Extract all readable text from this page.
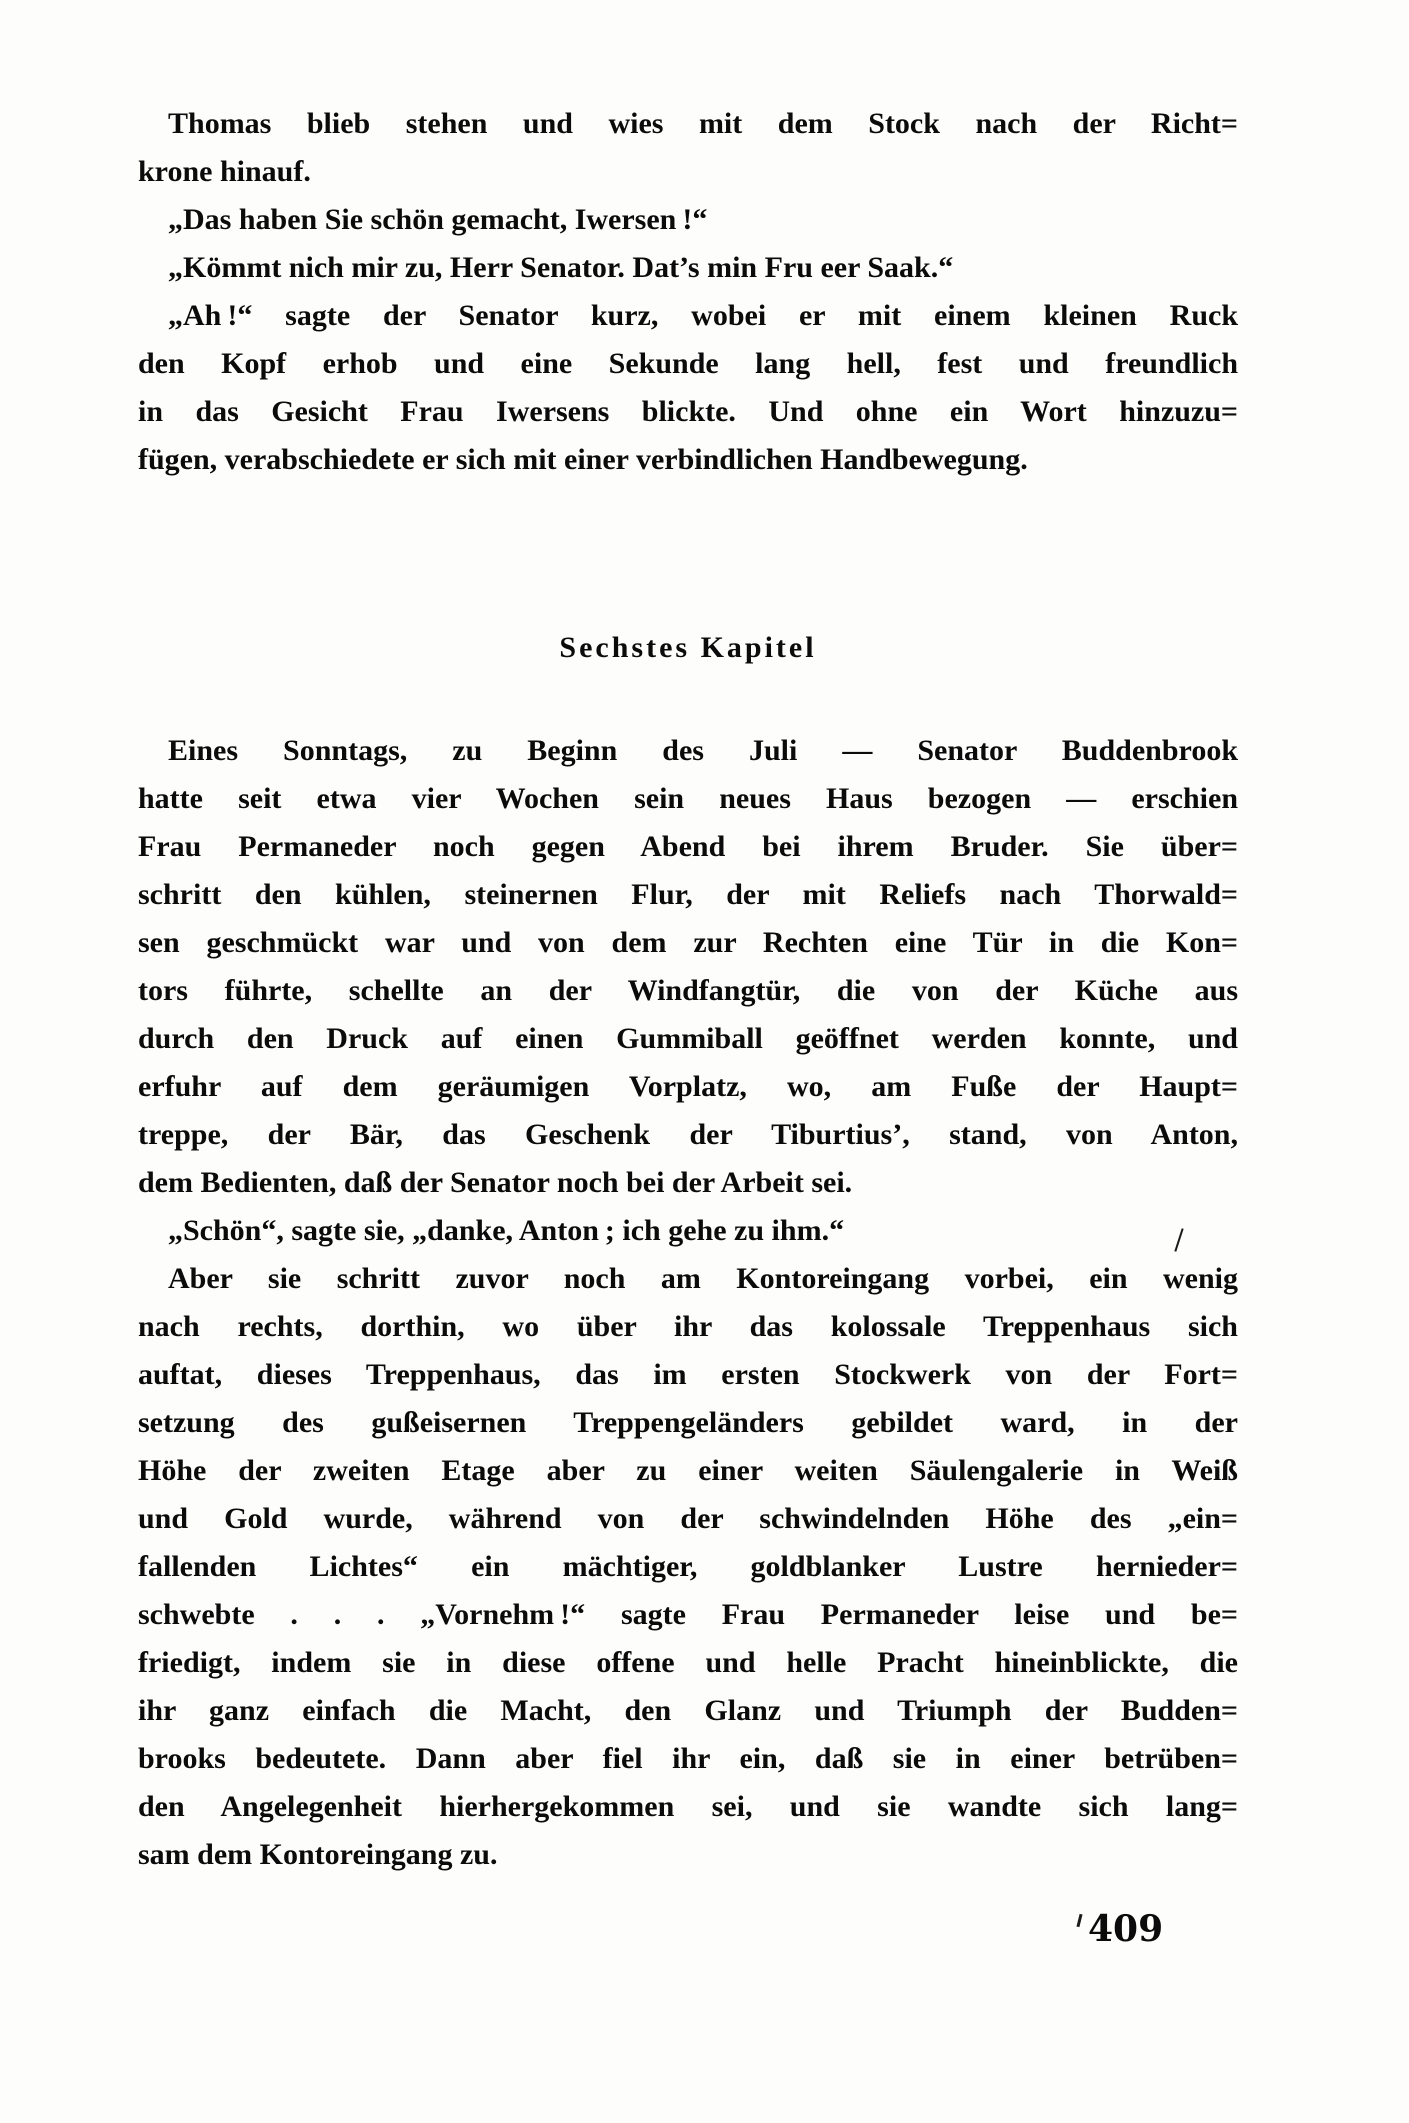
Thomas blieb stehen und wies mit dem Stock nach der Richt=
krone hinauf.
„Das haben Sie schön gemacht, Iwersen !“
„Kömmt nich mir zu, Herr Senator. Dat’s min Fru eer Saak.“
„Ah !“ sagte der Senator kurz, wobei er mit einem kleinen Ruck
den Kopf erhob und eine Sekunde lang hell, fest und freundlich
in das Gesicht Frau Iwersens blickte. Und ohne ein Wort hinzuzu=
fügen, verabschiedete er sich mit einer verbindlichen Handbewegung.
Sechstes Kapitel
Eines Sonntags, zu Beginn des Juli — Senator Buddenbrook
hatte seit etwa vier Wochen sein neues Haus bezogen — erschien
Frau Permaneder noch gegen Abend bei ihrem Bruder. Sie über=
schritt den kühlen, steinernen Flur, der mit Reliefs nach Thorwald=
sen geschmückt war und von dem zur Rechten eine Tür in die Kon=
tors führte, schellte an der Windfangtür, die von der Küche aus
durch den Druck auf einen Gummiball geöffnet werden konnte, und
erfuhr auf dem geräumigen Vorplatz, wo, am Fuße der Haupt=
treppe, der Bär, das Geschenk der Tiburtius’, stand, von Anton,
dem Bedienten, daß der Senator noch bei der Arbeit sei.
„Schön“, sagte sie, „danke, Anton ; ich gehe zu ihm.“
Aber sie schritt zuvor noch am Kontoreingang vorbei, ein wenig
nach rechts, dorthin, wo über ihr das kolossale Treppenhaus sich
auftat, dieses Treppenhaus, das im ersten Stockwerk von der Fort=
setzung des gußeisernen Treppengeländers gebildet ward, in der
Höhe der zweiten Etage aber zu einer weiten Säulengalerie in Weiß
und Gold wurde, während von der schwindelnden Höhe des „ein=
fallenden Lichtes“ ein mächtiger, goldblanker Lustre hernieder=
schwebte . . . „Vornehm !“ sagte Frau Permaneder leise und be=
friedigt, indem sie in diese offene und helle Pracht hineinblickte, die
ihr ganz einfach die Macht, den Glanz und Triumph der Budden=
brooks bedeutete. Dann aber fiel ihr ein, daß sie in einer betrüben=
den Angelegenheit hierhergekommen sei, und sie wandte sich lang=
sam dem Kontoreingang zu.
409
